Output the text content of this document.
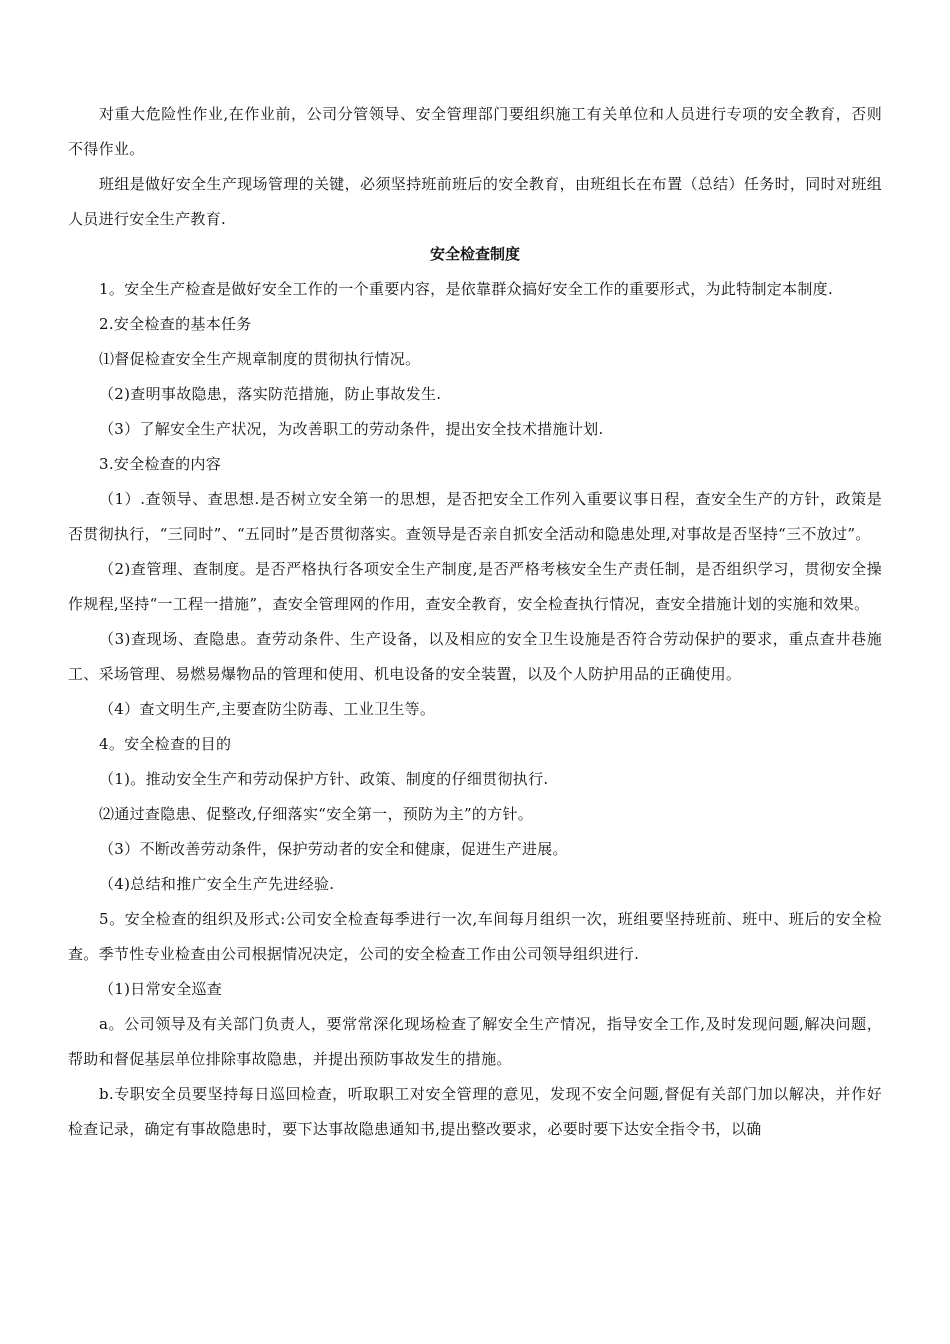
对重大危险性作业,在作业前，公司分管领导、安全管理部门要组织施工有关单位和人员进行专项的安全教育，否则不得作业。

班组是做好安全生产现场管理的关键，必须坚持班前班后的安全教育，由班组长在布置（总结）任务时，同时对班组人员进行安全生产教育.

安全检查制度

1。安全生产检查是做好安全工作的一个重要内容，是依靠群众搞好安全工作的重要形式，为此特制定本制度.

2.安全检查的基本任务

⑴督促检查安全生产规章制度的贯彻执行情况。

（2)查明事故隐患，落实防范措施，防止事故发生.

（3）了解安全生产状况，为改善职工的劳动条件，提出安全技术措施计划.

3.安全检查的内容

（1）.查领导、查思想.是否树立安全第一的思想，是否把安全工作列入重要议事日程，查安全生产的方针，政策是否贯彻执行，“三同时”、“五同时”是否贯彻落实。查领导是否亲自抓安全活动和隐患处理,对事故是否坚持“三不放过”。

（2)查管理、查制度。是否严格执行各项安全生产制度,是否严格考核安全生产责任制，是否组织学习，贯彻安全操作规程,坚持“一工程一措施”，查安全管理网的作用，查安全教育，安全检查执行情况，查安全措施计划的实施和效果。

（3)查现场、查隐患。查劳动条件、生产设备，以及相应的安全卫生设施是否符合劳动保护的要求，重点查井巷施工、采场管理、易燃易爆物品的管理和使用、机电设备的安全装置，以及个人防护用品的正确使用。

（4）查文明生产,主要查防尘防毒、工业卫生等。

4。安全检查的目的

（1)。推动安全生产和劳动保护方针、政策、制度的仔细贯彻执行.

⑵通过查隐患、促整改,仔细落实“安全第一，预防为主”的方针。

（3）不断改善劳动条件，保护劳动者的安全和健康，促进生产进展。

（4)总结和推广安全生产先进经验.

5。安全检查的组织及形式:公司安全检查每季进行一次,车间每月组织一次，班组要坚持班前、班中、班后的安全检查。季节性专业检查由公司根据情况决定，公司的安全检查工作由公司领导组织进行.

（1)日常安全巡查

a。公司领导及有关部门负责人，要常常深化现场检查了解安全生产情况，指导安全工作,及时发现问题,解决问题，帮助和督促基层单位排除事故隐患，并提出预防事故发生的措施。

b.专职安全员要坚持每日巡回检查，听取职工对安全管理的意见，发现不安全问题,督促有关部门加以解决，并作好检查记录，确定有事故隐患时，要下达事故隐患通知书,提出整改要求，必要时要下达安全指令书，以确
